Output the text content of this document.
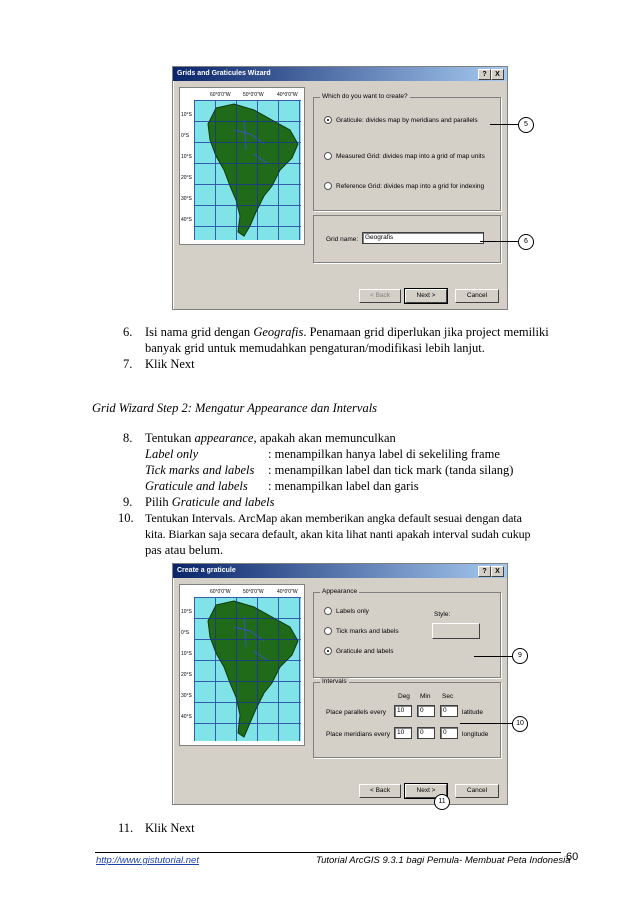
Grids and Graticules Wizard	?	X
60°0'0"W 50°0'0"W	40°0'0"W
10°S
0°S
10°S
20°S
30°S
40°S
Which do you want to create?
Graticule: divides map by meridians and parallels
Measured Grid: divides map into a grid of map units
Reference Grid: divides map into a grid for indexing
Grid name:	Geografis
< Back	Next >	Cancel
5
6
6. Isi nama grid dengan Geografis. Penamaan grid diperlukan jika project memiliki
banyak grid untuk memudahkan pengaturan/modifikasi lebih lanjut.
7. Klik Next
Grid Wizard Step 2: Mengatur Appearance dan Intervals
8. Tentukan appearance, apakah akan memunculkan
Label only	: menampilkan hanya label di sekeliling frame
Tick marks and labels : menampilkan label dan tick mark (tanda silang)
Graticule and labels : menampilkan label dan garis
9. Pilih Graticule and labels
10. Tentukan Intervals. ArcMap akan memberikan angka default sesuai dengan data
kita. Biarkan saja secara default, akan kita lihat nanti apakah interval sudah cukup
pas atau belum.
Create a graticule	?	X
60°0'0"W 50°0'0"W	40°0'0"W
10°S
0°S
10°S
20°S
30°S
40°S
Appearance
Labels only
Tick marks and labels
Graticule and labels
Style:
Intervals
Deg Min Sec
Place parallels every	10	0	0	latitude
Place meridians every	10	0	0	longitude
< Back	Next >	Cancel
9
10
11
11. Klik Next
http://www.gistutorial.net	Tutorial ArcGIS 9.3.1 bagi Pemula- Membuat Peta Indonesia
60
